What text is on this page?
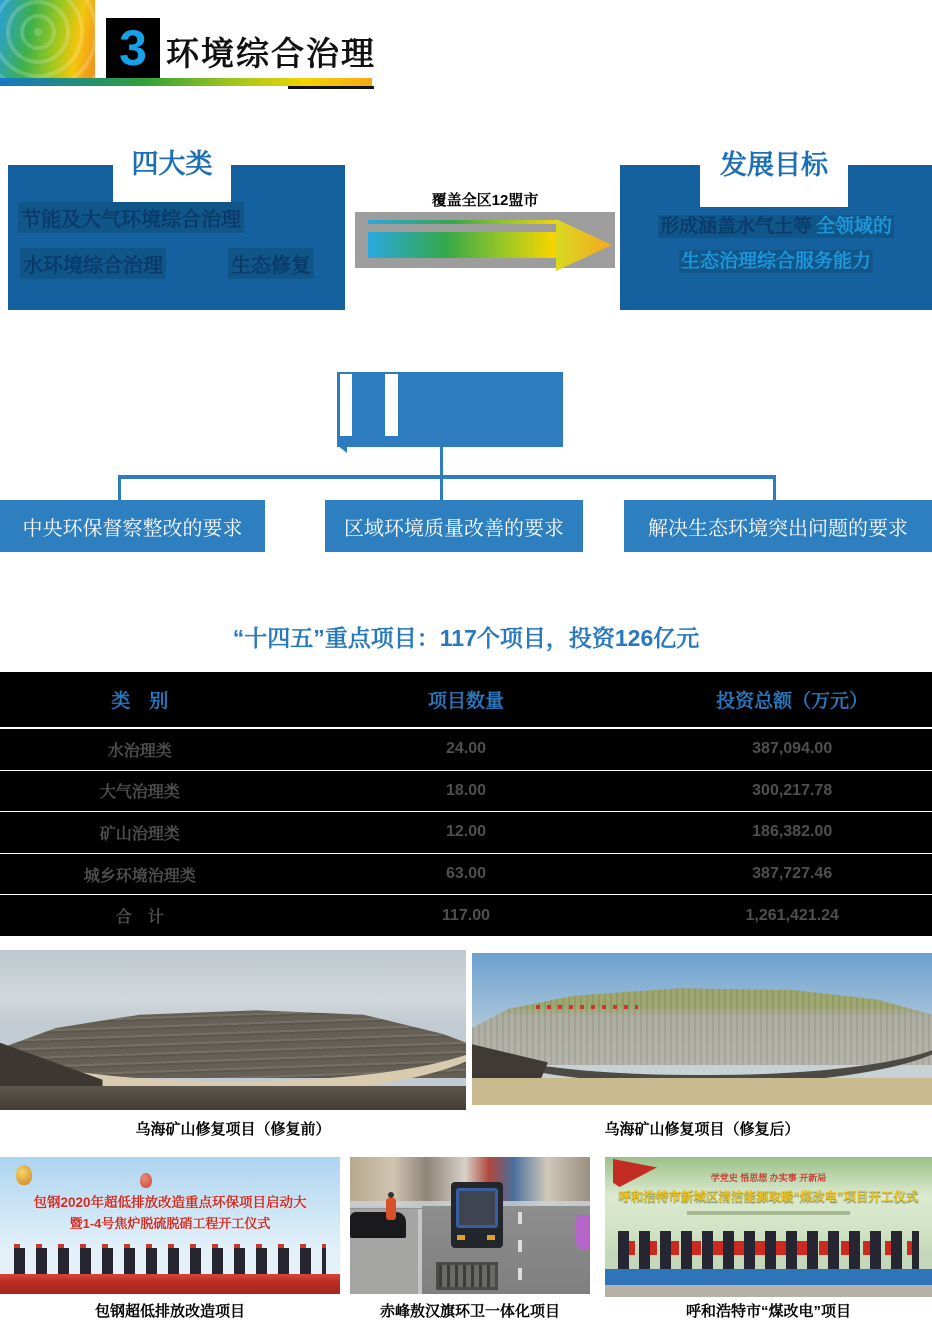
3 环境综合治理
四大类
节能及大气环境综合治理
水环境综合治理	生态修复
覆盖全区12盟市
发展目标
形成涵盖水气土等 全领域的
生态治理综合服务能力
中央环保督察整改的要求	区域环境质量改善的要求	解决生态环境突出问题的要求
“十四五”重点项目：117个项目，投资126亿元
类　别	项目数量	投资总额（万元）
水治理类	24.00	387,094.00
大气治理类	18.00	300,217.78
矿山治理类	12.00	186,382.00
城乡环境治理类	63.00	387,727.46
合　计	117.00	1,261,421.24
乌海矿山修复项目（修复前）	乌海矿山修复项目（修复后）
包钢2020年超低排放改造重点环保项目启动大
暨1-4号焦炉脱硫脱硝工程开工仪式
学党史 悟思想 办实事 开新局
呼和浩特市新城区清洁能源取暖“煤改电”项目开工仪式
包钢超低排放改造项目	赤峰敖汉旗环卫一体化项目	呼和浩特市“煤改电”项目
